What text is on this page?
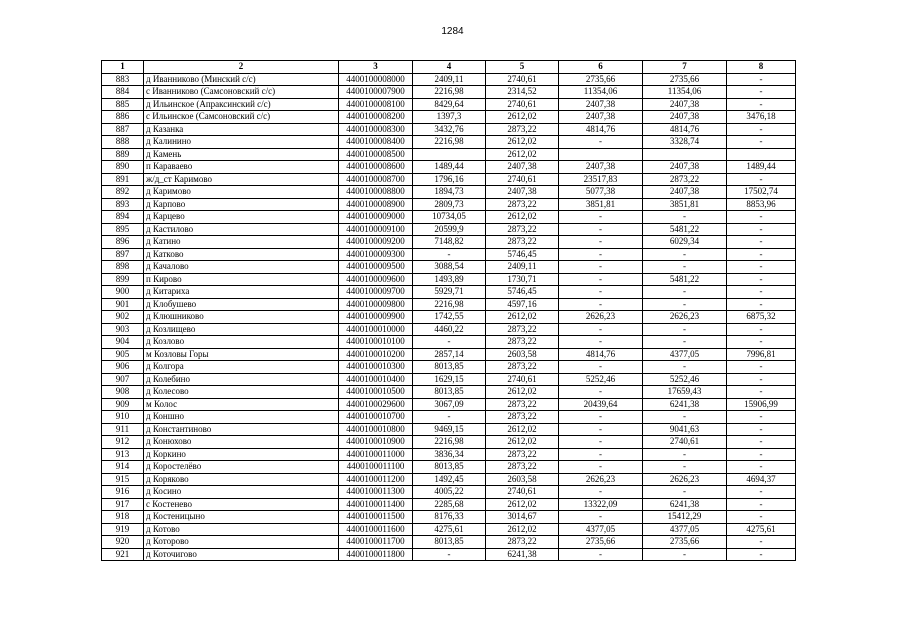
1284
1	2	3	4	5	6	7	8
883	д Иванниково (Минский с/с)	4400100008000	2409,11	2740,61	2735,66	2735,66	-
884	с Иванниково (Самсоновский с/с)	4400100007900	2216,98	2314,52	11354,06	11354,06	-
885	д Ильинское (Апраксинский с/с)	4400100008100	8429,64	2740,61	2407,38	2407,38	-
886	с Ильинское (Самсоновский с/с)	4400100008200	1397,3	2612,02	2407,38	2407,38	3476,18
887	д Казанка	4400100008300	3432,76	2873,22	4814,76	4814,76	-
888	д Калинино	4400100008400	2216,98	2612,02	-	3328,74	-
889	д Камень	4400100008500		2612,02			
890	п Караваево	4400100008600	1489,44	2407,38	2407,38	2407,38	1489,44
891	ж/д_ст Каримово	4400100008700	1796,16	2740,61	23517,83	2873,22	-
892	д Каримово	4400100008800	1894,73	2407,38	5077,38	2407,38	17502,74
893	д Карпово	4400100008900	2809,73	2873,22	3851,81	3851,81	8853,96
894	д Карцево	4400100009000	10734,05	2612,02	-	-	-
895	д Кастилово	4400100009100	20599,9	2873,22	-	5481,22	-
896	д Катино	4400100009200	7148,82	2873,22	-	6029,34	-
897	д Катково	4400100009300	-	5746,45	-	-	-
898	д Качалово	4400100009500	3088,54	2409,11	-	-	-
899	п Кирово	4400100009600	1493,89	1730,71	-	5481,22	-
900	д Китариха	4400100009700	5929,71	5746,45	-	-	-
901	д Клобушево	4400100009800	2216,98	4597,16	-	-	-
902	д Клюшниково	4400100009900	1742,55	2612,02	2626,23	2626,23	6875,32
903	д Козлищево	4400100010000	4460,22	2873,22	-	-	-
904	д Козлово	4400100010100	-	2873,22	-	-	-
905	м Козловы Горы	4400100010200	2857,14	2603,58	4814,76	4377,05	7996,81
906	д Колгора	4400100010300	8013,85	2873,22	-	-	-
907	д Колебино	4400100010400	1629,15	2740,61	5252,46	5252,46	-
908	д Колесово	4400100010500	8013,85	2612,02	-	17659,43	-
909	м Колос	4400100029600	3067,09	2873,22	20439,64	6241,38	15906,99
910	д Коншно	4400100010700	-	2873,22	-	-	-
911	д Константиново	4400100010800	9469,15	2612,02	-	9041,63	-
912	д Конюхово	4400100010900	2216,98	2612,02	-	2740,61	-
913	д Коркино	4400100011000	3836,34	2873,22	-	-	-
914	д Коростелёво	4400100011100	8013,85	2873,22	-	-	-
915	д Коряково	4400100011200	1492,45	2603,58	2626,23	2626,23	4694,37
916	д Косино	4400100011300	4005,22	2740,61	-	-	-
917	с Костенево	4400100011400	2285,68	2612,02	13322,09	6241,38	-
918	д Костеницыно	4400100011500	8176,33	3014,67	-	15412,29	-
919	д Котово	4400100011600	4275,61	2612,02	4377,05	4377,05	4275,61
920	д Которово	4400100011700	8013,85	2873,22	2735,66	2735,66	-
921	д Коточигово	4400100011800	-	6241,38	-	-	-
